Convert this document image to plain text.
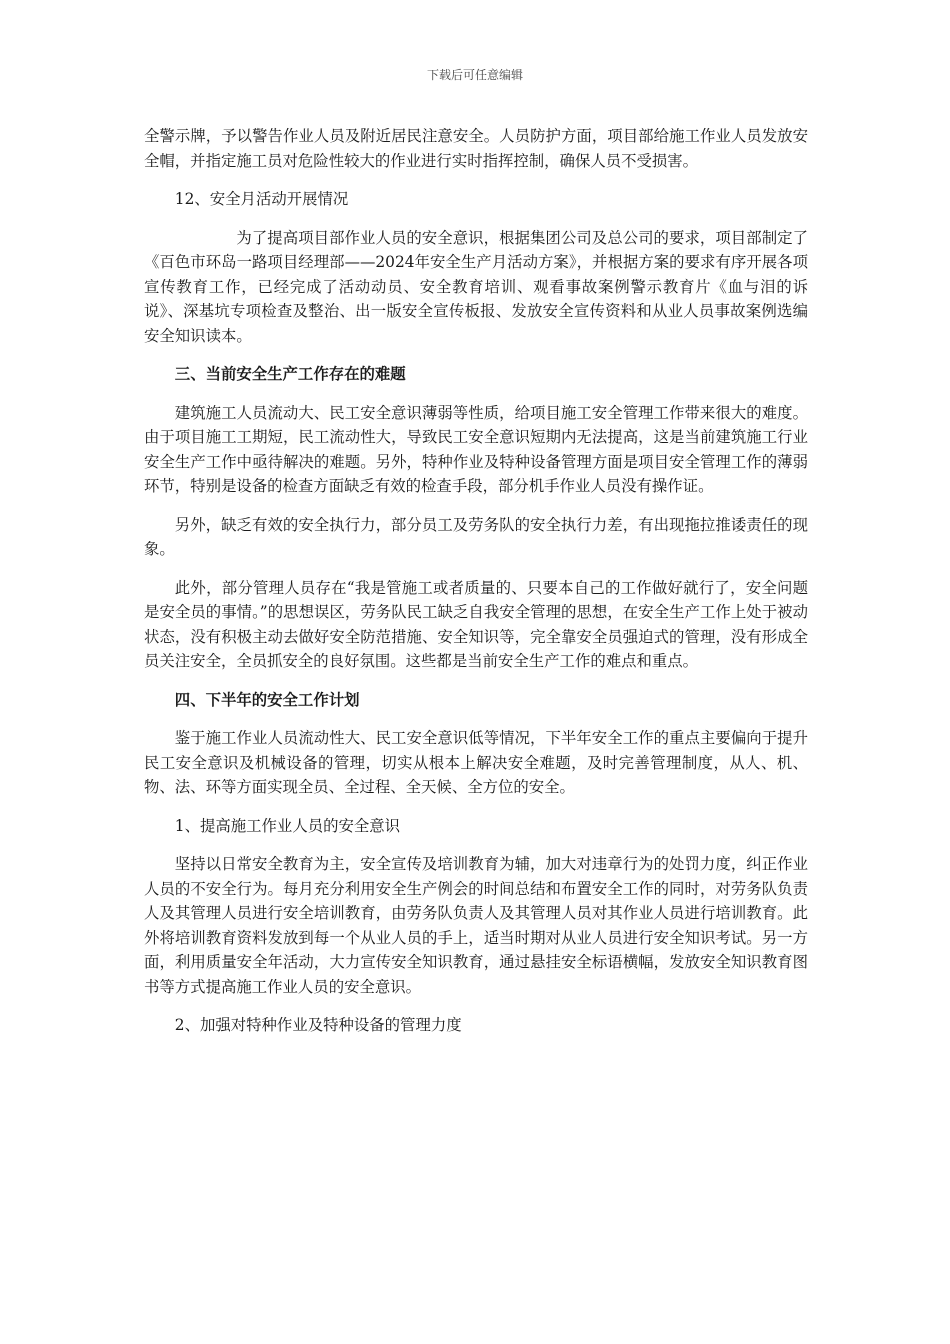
下载后可任意编辑

全警示牌，予以警告作业人员及附近居民注意安全。人员防护方面，项目部给施工作业人员发放安全帽，并指定施工员对危险性较大的作业进行实时指挥控制，确保人员不受损害。

12、安全月活动开展情况

为了提高项目部作业人员的安全意识，根据集团公司及总公司的要求，项目部制定了《百色市环岛一路项目经理部——2024年安全生产月活动方案》，并根据方案的要求有序开展各项宣传教育工作，已经完成了活动动员、安全教育培训、观看事故案例警示教育片《血与泪的诉说》、深基坑专项检查及整治、出一版安全宣传板报、发放安全宣传资料和从业人员事故案例选编安全知识读本。

三、当前安全生产工作存在的难题

建筑施工人员流动大、民工安全意识薄弱等性质，给项目施工安全管理工作带来很大的难度。由于项目施工工期短，民工流动性大，导致民工安全意识短期内无法提高，这是当前建筑施工行业安全生产工作中亟待解决的难题。另外，特种作业及特种设备管理方面是项目安全管理工作的薄弱环节，特别是设备的检查方面缺乏有效的检查手段，部分机手作业人员没有操作证。

另外，缺乏有效的安全执行力，部分员工及劳务队的安全执行力差，有出现拖拉推诿责任的现象。

此外，部分管理人员存在“我是管施工或者质量的、只要本自己的工作做好就行了，安全问题是安全员的事情。”的思想误区，劳务队民工缺乏自我安全管理的思想，在安全生产工作上处于被动状态，没有积极主动去做好安全防范措施、安全知识等，完全靠安全员强迫式的管理，没有形成全员关注安全，全员抓安全的良好氛围。这些都是当前安全生产工作的难点和重点。

四、下半年的安全工作计划

鉴于施工作业人员流动性大、民工安全意识低等情况，下半年安全工作的重点主要偏向于提升民工安全意识及机械设备的管理，切实从根本上解决安全难题，及时完善管理制度，从人、机、物、法、环等方面实现全员、全过程、全天候、全方位的安全。

1、提高施工作业人员的安全意识

坚持以日常安全教育为主，安全宣传及培训教育为辅，加大对违章行为的处罚力度，纠正作业人员的不安全行为。每月充分利用安全生产例会的时间总结和布置安全工作的同时，对劳务队负责人及其管理人员进行安全培训教育，由劳务队负责人及其管理人员对其作业人员进行培训教育。此外将培训教育资料发放到每一个从业人员的手上，适当时期对从业人员进行安全知识考试。另一方面，利用质量安全年活动，大力宣传安全知识教育，通过悬挂安全标语横幅，发放安全知识教育图书等方式提高施工作业人员的安全意识。

2、加强对特种作业及特种设备的管理力度
